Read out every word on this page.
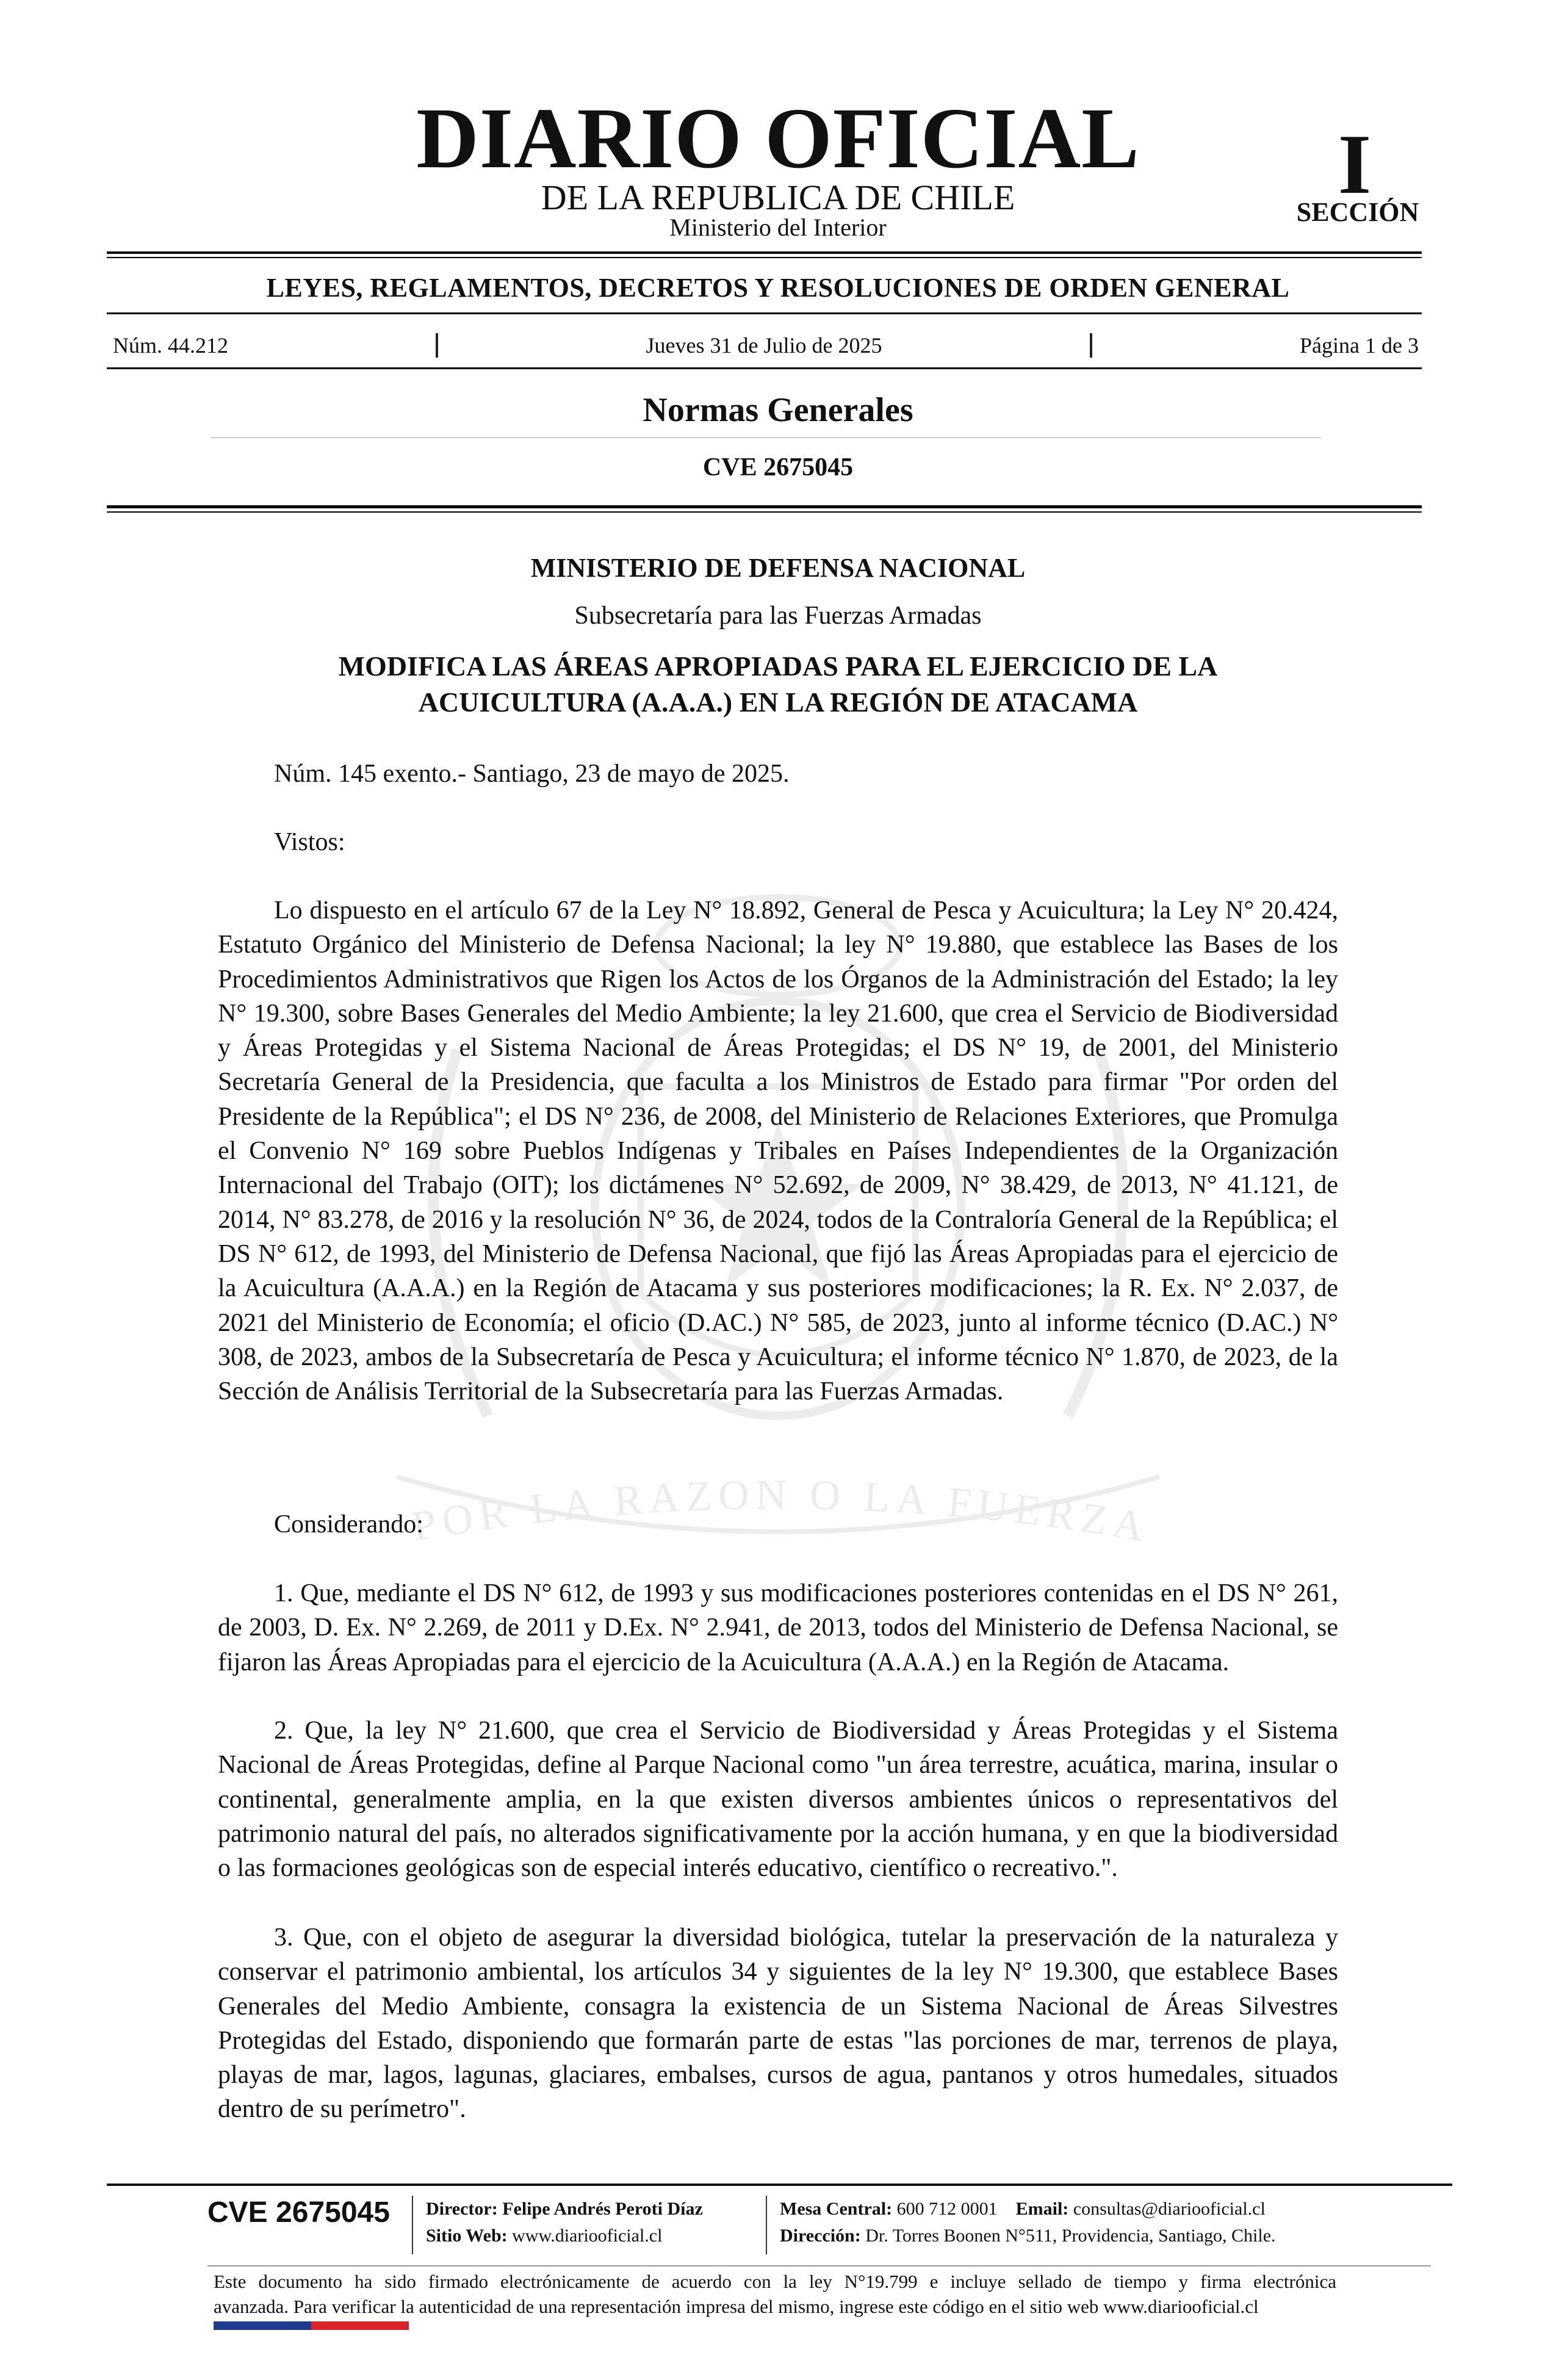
DIARIO OFICIAL
DE LA REPUBLICA DE CHILE
Ministerio del Interior
I
SECCIÓN
LEYES, REGLAMENTOS, DECRETOS Y RESOLUCIONES DE ORDEN GENERAL
Núm. 44.212	Jueves 31 de Julio de 2025	Página 1 de 3
Normas Generales
CVE 2675045
POR LA RAZON O LA FUERZA
MINISTERIO DE DEFENSA NACIONAL
Subsecretaría para las Fuerzas Armadas
MODIFICA LAS ÁREAS APROPIADAS PARA EL EJERCICIO DE LA
ACUICULTURA (A.A.A.) EN LA REGIÓN DE ATACAMA
Núm. 145 exento.- Santiago, 23 de mayo de 2025.
Vistos:

Lo dispuesto en el artículo 67 de la Ley N° 18.892, General de Pesca y Acuicultura; la Ley N° 20.424, Estatuto Orgánico del Ministerio de Defensa Nacional; la ley N° 19.880, que establece las Bases de los Procedimientos Administrativos que Rigen los Actos de los Órganos de la Administración del Estado; la ley N° 19.300, sobre Bases Generales del Medio Ambiente; la ley 21.600, que crea el Servicio de Biodiversidad y Áreas Protegidas y el Sistema Nacional de Áreas Protegidas; el DS N° 19, de 2001, del Ministerio Secretaría General de la Presidencia, que faculta a los Ministros de Estado para firmar "Por orden del Presidente de la República"; el DS N° 236, de 2008, del Ministerio de Relaciones Exteriores, que Promulga el Convenio N° 169 sobre Pueblos Indígenas y Tribales en Países Independientes de la Organización Internacional del Trabajo (OIT); los dictámenes N° 52.692, de 2009, N° 38.429, de 2013, N° 41.121, de 2014, N° 83.278, de 2016 y la resolución N° 36, de 2024, todos de la Contraloría General de la República; el DS N° 612, de 1993, del Ministerio de Defensa Nacional, que fijó las Áreas Apropiadas para el ejercicio de la Acuicultura (A.A.A.) en la Región de Atacama y sus posteriores modificaciones; la R. Ex. N° 2.037, de 2021 del Ministerio de Economía; el oficio (D.AC.) N° 585, de 2023, junto al informe técnico (D.AC.) N° 308, de 2023, ambos de la Subsecretaría de Pesca y Acuicultura; el informe técnico N° 1.870, de 2023, de la Sección de Análisis Territorial de la Subsecretaría para las Fuerzas Armadas.

Considerando:

1. Que, mediante el DS N° 612, de 1993 y sus modificaciones posteriores contenidas en el DS N° 261, de 2003, D. Ex. N° 2.269, de 2011 y D.Ex. N° 2.941, de 2013, todos del Ministerio de Defensa Nacional, se fijaron las Áreas Apropiadas para el ejercicio de la Acuicultura (A.A.A.) en la Región de Atacama.

2. Que, la ley N° 21.600, que crea el Servicio de Biodiversidad y Áreas Protegidas y el Sistema Nacional de Áreas Protegidas, define al Parque Nacional como "un área terrestre, acuática, marina, insular o continental, generalmente amplia, en la que existen diversos ambientes únicos o representativos del patrimonio natural del país, no alterados significativamente por la acción humana, y en que la biodiversidad o las formaciones geológicas son de especial interés educativo, científico o recreativo.".

3. Que, con el objeto de asegurar la diversidad biológica, tutelar la preservación de la naturaleza y conservar el patrimonio ambiental, los artículos 34 y siguientes de la ley N° 19.300, que establece Bases Generales del Medio Ambiente, consagra la existencia de un Sistema Nacional de Áreas Silvestres Protegidas del Estado, disponiendo que formarán parte de estas "las porciones de mar, terrenos de playa, playas de mar, lagos, lagunas, glaciares, embalses, cursos de agua, pantanos y otros humedales, situados dentro de su perímetro".

CVE 2675045 Director: Felipe Andrés Peroti Díaz
Sitio Web: www.diariooficial.cl
Mesa Central: 600 712 0001 Email: consultas@diariooficial.cl
Dirección: Dr. Torres Boonen N°511, Providencia, Santiago, Chile.
Este documento ha sido firmado electrónicamente de acuerdo con la ley N°19.799 e incluye sellado de tiempo y firma electrónica
avanzada. Para verificar la autenticidad de una representación impresa del mismo, ingrese este código en el sitio web www.diariooficial.cl
